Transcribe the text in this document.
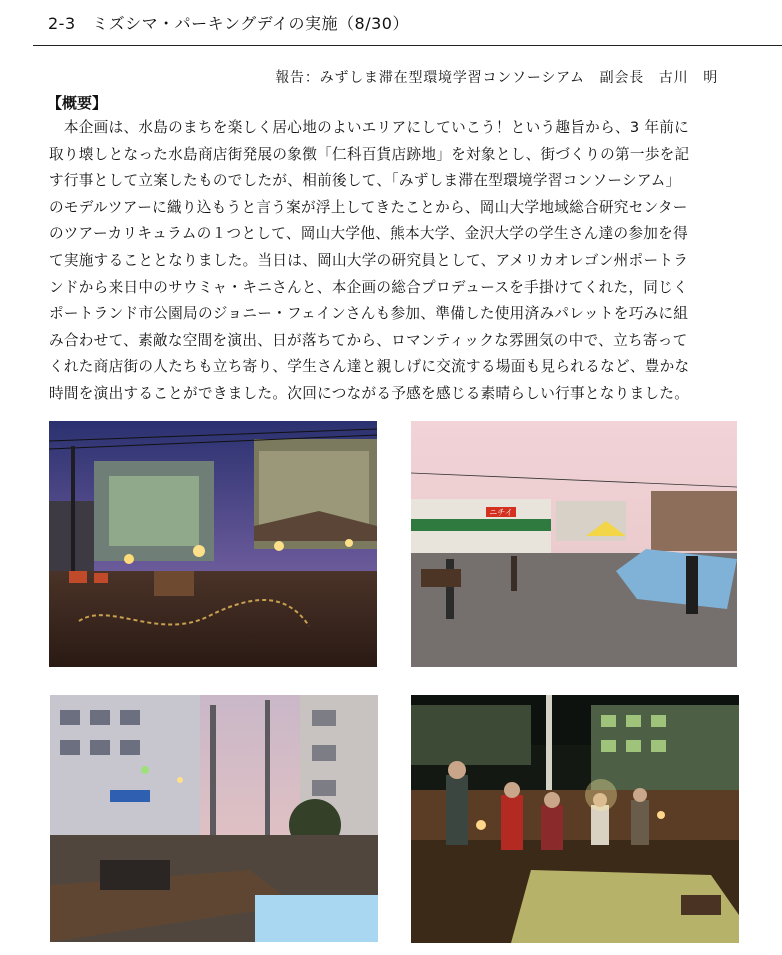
2-3　ミズシマ・パーキングデイの実施（8/30）
報告：みずしま滞在型環境学習コンソーシアム　副会長　古川　明
【概要】
　本企画は、水島のまちを楽しく居心地のよいエリアにしていこう！という趣旨から、3 年前に
取り壊しとなった水島商店街発展の象徴「仁科百貨店跡地」を対象とし、街づくりの第一歩を記
す行事として立案したものでしたが、相前後して、「みずしま滞在型環境学習コンソーシアム」
のモデルツアーに織り込もうと言う案が浮上してきたことから、岡山大学地域総合研究センター
のツアーカリキュラムの１つとして、岡山大学他、熊本大学、金沢大学の学生さん達の参加を得
て実施することとなりました。当日は、岡山大学の研究員として、アメリカオレゴン州ポートラ
ンドから来日中のサウミャ・キニさんと、本企画の総合プロデュースを手掛けてくれた，同じく
ポートランド市公園局のジョニー・フェインさんも参加、準備した使用済みパレットを巧みに組
み合わせて、素敵な空間を演出、日が落ちてから、ロマンティックな雰囲気の中で、立ち寄って
くれた商店街の人たちも立ち寄り、学生さん達と親しげに交流する場面も見られるなど、豊かな
時間を演出することができました。次回につながる予感を感じる素晴らしい行事となりました。
ニチイ
